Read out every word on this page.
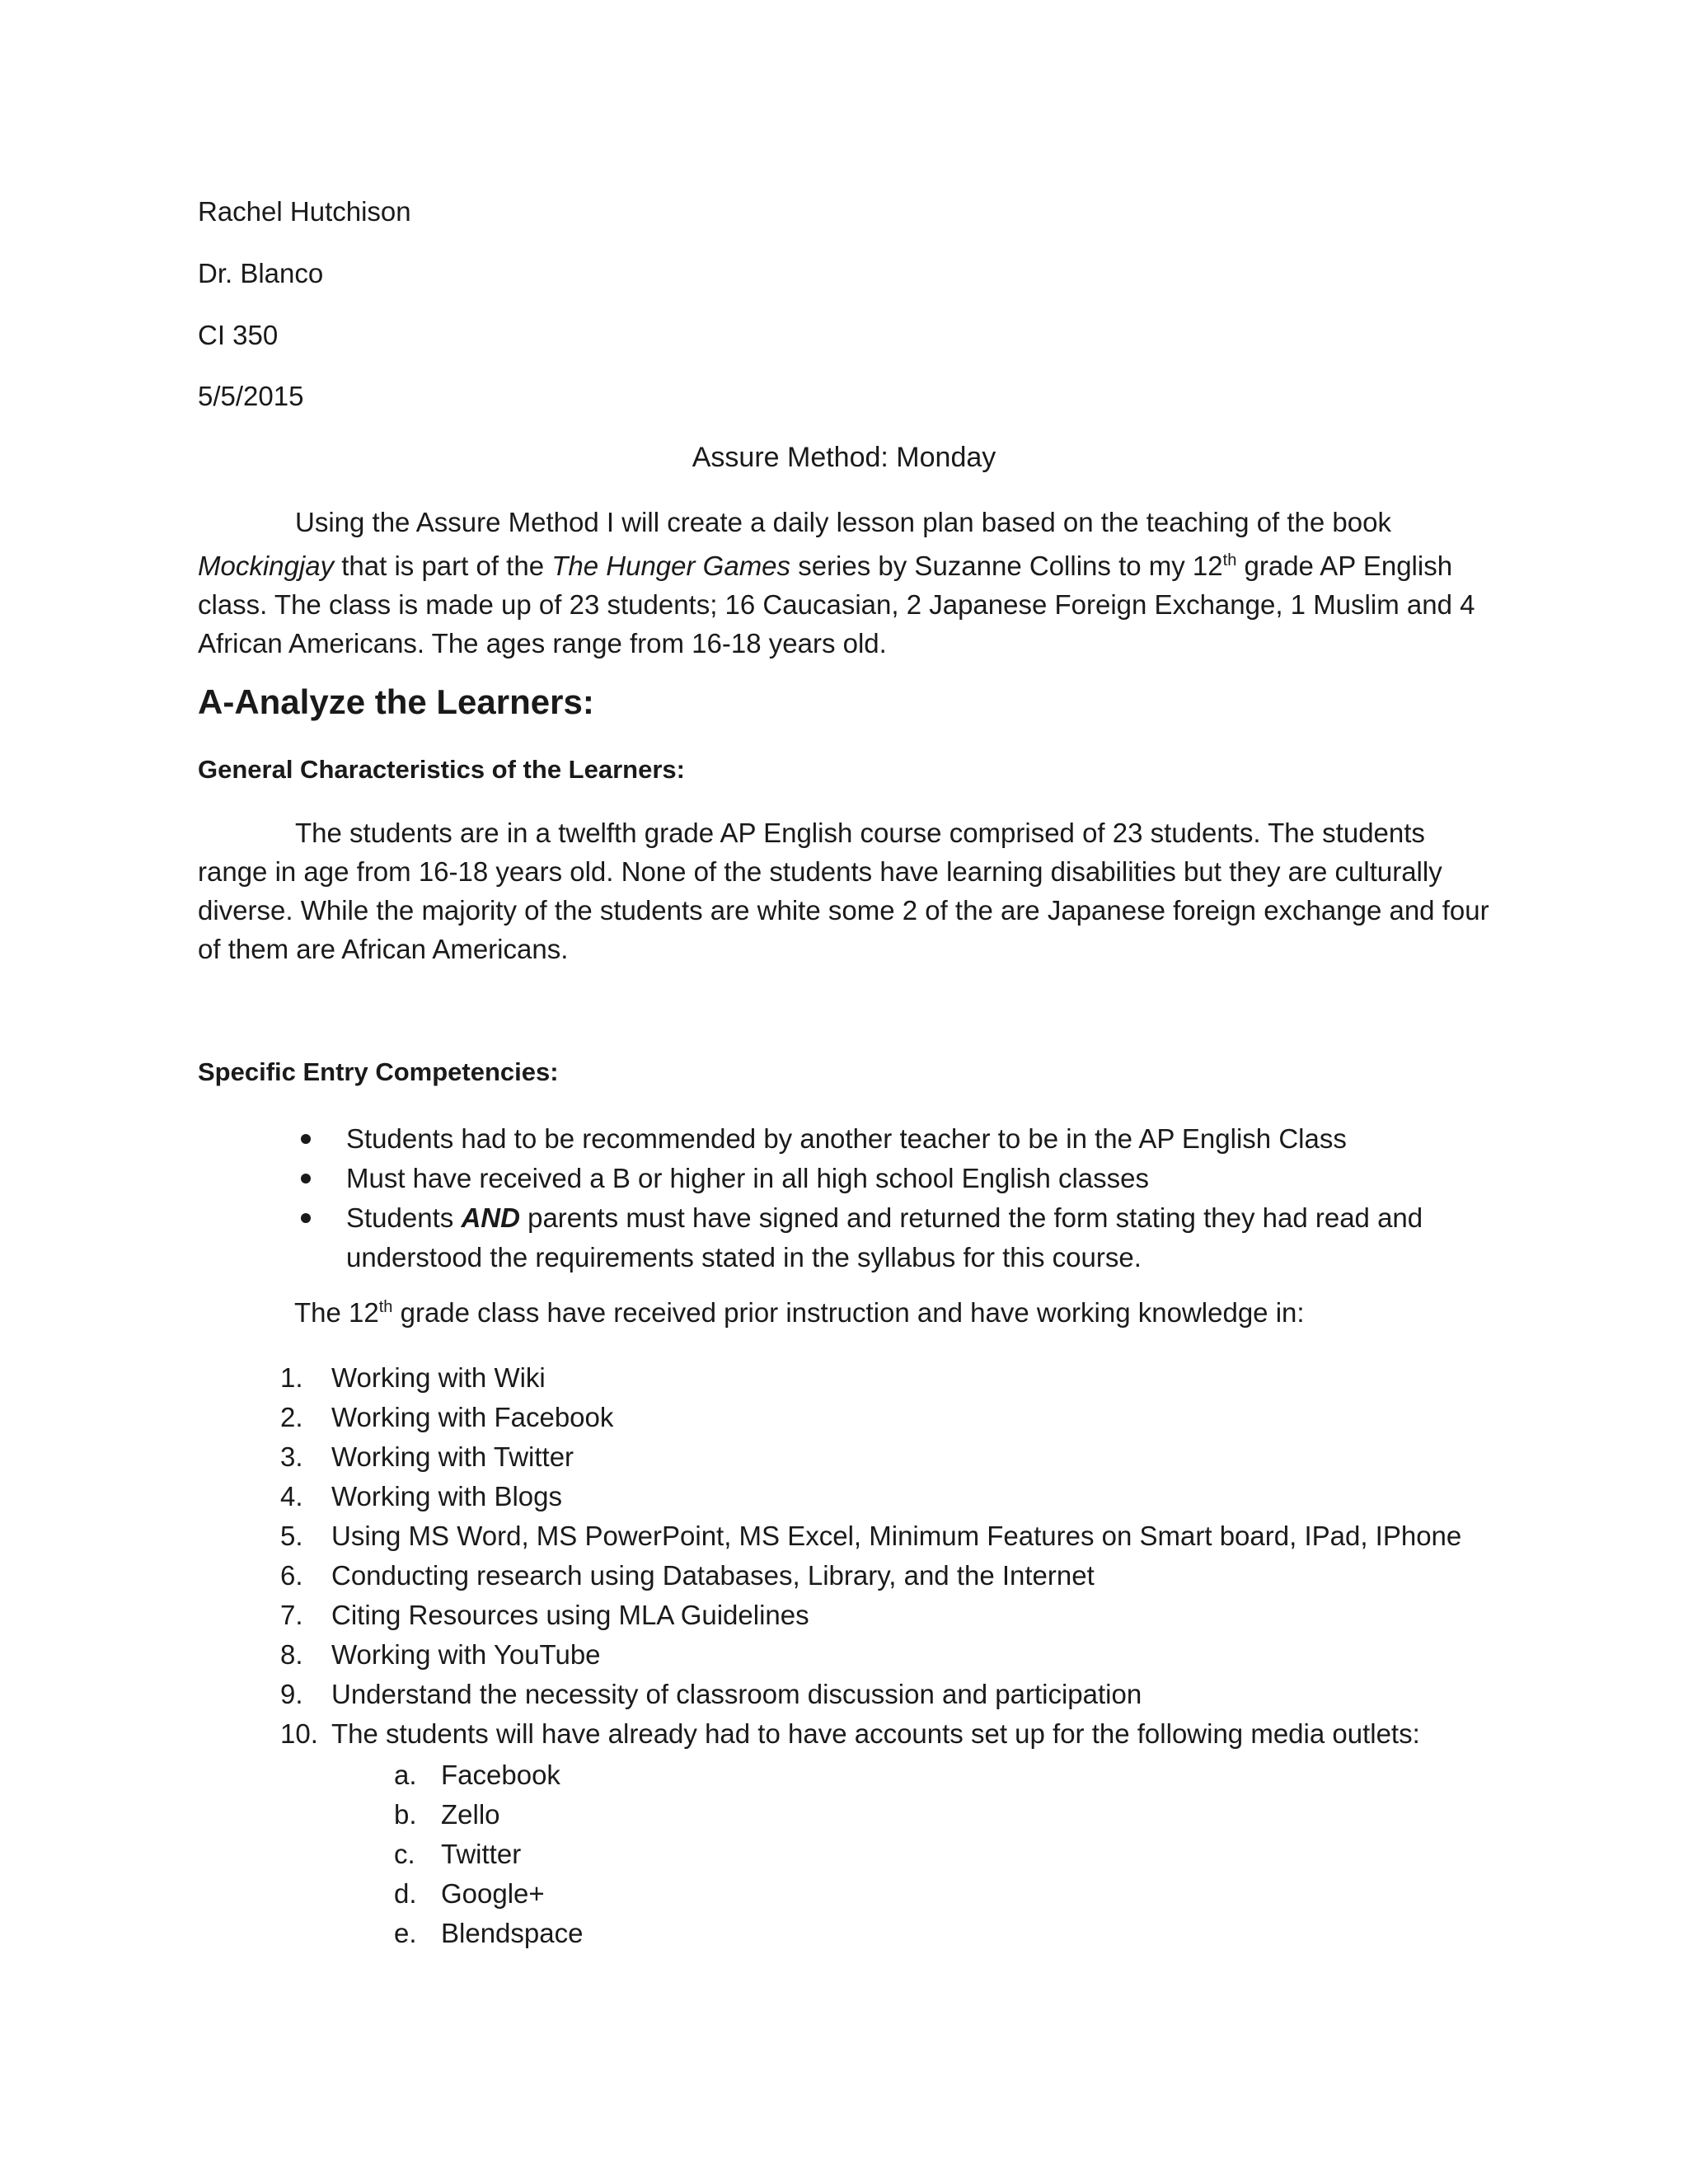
Rachel Hutchison
Dr. Blanco
CI 350
5/5/2015
Assure Method: Monday
Using the Assure Method I will create a daily lesson plan based on the teaching of the book Mockingjay that is part of the The Hunger Games series by Suzanne Collins to my 12th grade AP English class. The class is made up of 23 students; 16 Caucasian, 2 Japanese Foreign Exchange, 1 Muslim and 4 African Americans. The ages range from 16-18 years old.
A-Analyze the Learners:
General Characteristics of the Learners:
The students are in a twelfth grade AP English course comprised of 23 students. The students range in age from 16-18 years old. None of the students have learning disabilities but they are culturally diverse. While the majority of the students are white some 2 of the are Japanese foreign exchange and four of them are African Americans.
Specific Entry Competencies:
Students had to be recommended by another teacher to be in the AP English Class
Must have received a B or higher in all high school English classes
Students AND parents must have signed and returned the form stating they had read and understood the requirements stated in the syllabus for this course.
The 12th grade class have received prior instruction and have working knowledge in:
1. Working with Wiki
2. Working with Facebook
3. Working with Twitter
4. Working with Blogs
5. Using MS Word, MS PowerPoint, MS Excel, Minimum Features on Smart board, IPad, IPhone
6. Conducting research using Databases, Library, and the Internet
7. Citing Resources using MLA Guidelines
8. Working with YouTube
9. Understand the necessity of classroom discussion and participation
10. The students will have already had to have accounts set up for the following media outlets:
a. Facebook
b. Zello
c. Twitter
d. Google+
e. Blendspace
